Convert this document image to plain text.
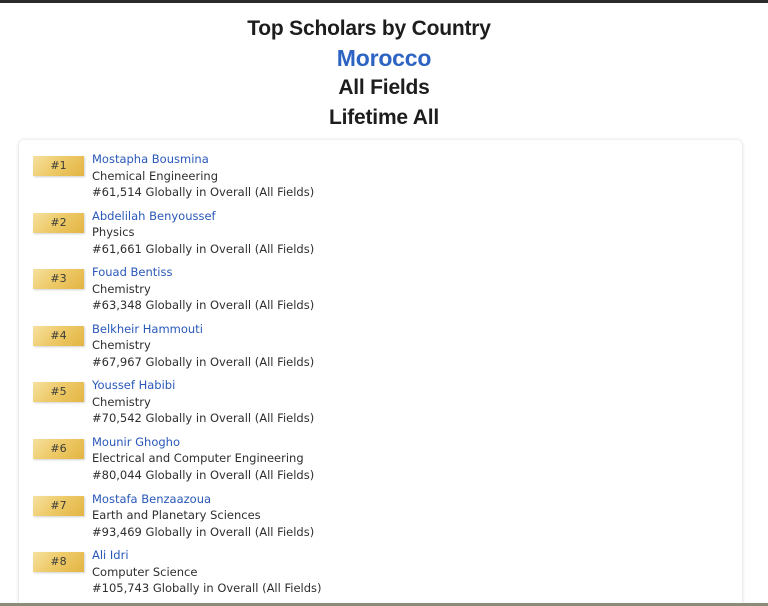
Top Scholars by Country
Morocco
All Fields
Lifetime All
#1	Mostapha Bousmina
Chemical Engineering
#61,514 Globally in Overall (All Fields)
#2	Abdelilah Benyoussef
Physics
#61,661 Globally in Overall (All Fields)
#3	Fouad Bentiss
Chemistry
#63,348 Globally in Overall (All Fields)
#4	Belkheir Hammouti
Chemistry
#67,967 Globally in Overall (All Fields)
#5	Youssef Habibi
Chemistry
#70,542 Globally in Overall (All Fields)
#6	Mounir Ghogho
Electrical and Computer Engineering
#80,044 Globally in Overall (All Fields)
#7	Mostafa Benzaazoua
Earth and Planetary Sciences
#93,469 Globally in Overall (All Fields)
#8	Ali Idri
Computer Science
#105,743 Globally in Overall (All Fields)
